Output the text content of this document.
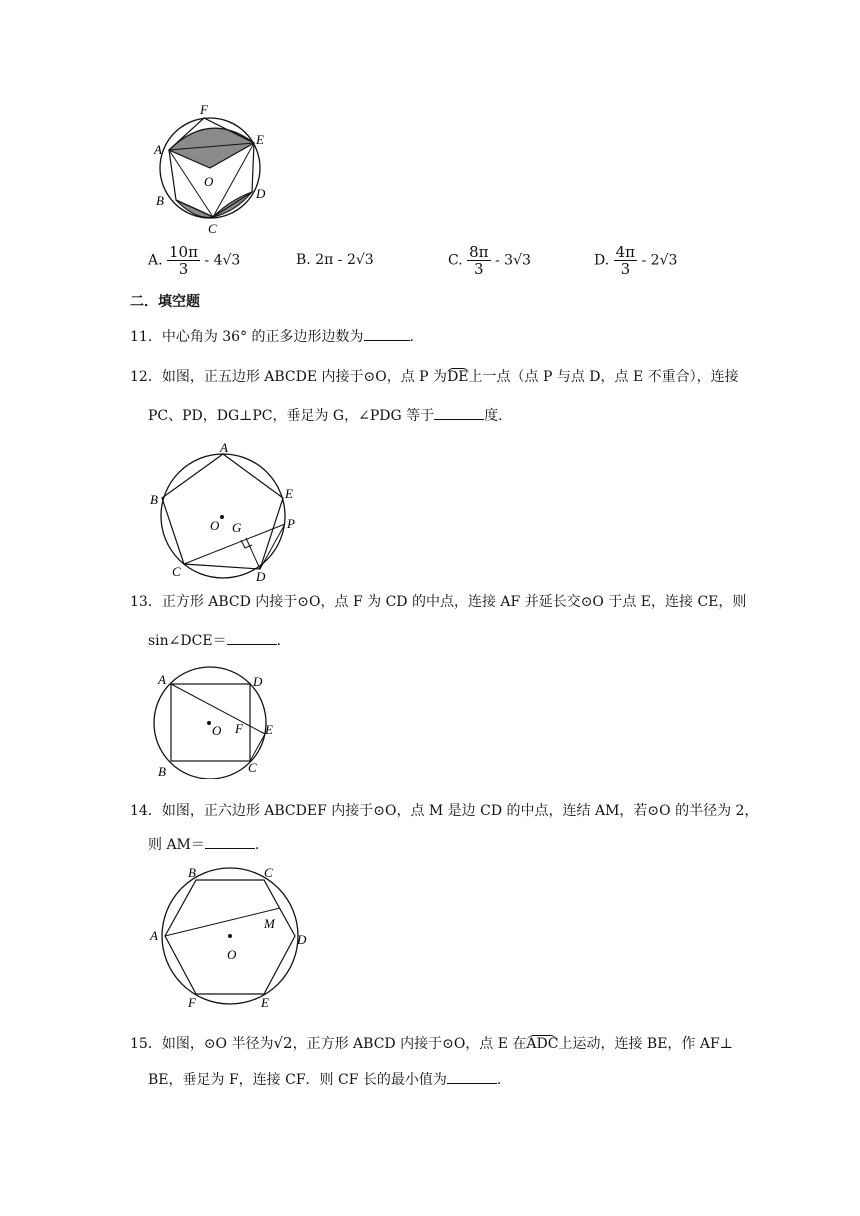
A
F
E
D
B
C
O
A. $\frac{10\pi}{3} - 4√3$	B. 2π - 2√3	C. $\frac{8\pi}{3} - 3√3$	D. $\frac{4\pi}{3} - 2√3$
二．填空题
11．中心角为 36° 的正多边形边数为	.
12．如图，正五边形 ABCDE 内接于⊙O，点 P 为DE上一点（点 P 与点 D，点 E 不重合），连接
PC、PD，DG⊥PC，垂足为 G，∠PDG 等于	度.
A
B	E
P
C	D
O G
13．正方形 ABCD 内接于⊙O，点 F 为 CD 的中点，连接 AF 并延长交⊙O 于点 E，连接 CE，则
sin∠DCE＝	.
A	D
E
F
O
B	C
14．如图，正六边形 ABCDEF 内接于⊙O，点 M 是边 CD 的中点，连结 AM，若⊙O 的半径为 2，
则 AM＝	.
B	C
A	D
M
O
F	E
15．如图，⊙O 半径为√2，正方形 ABCD 内接于⊙O，点 E 在ADC上运动，连接 BE，作 AF⊥
BE，垂足为 F，连接 CF．则 CF 长的最小值为	.
